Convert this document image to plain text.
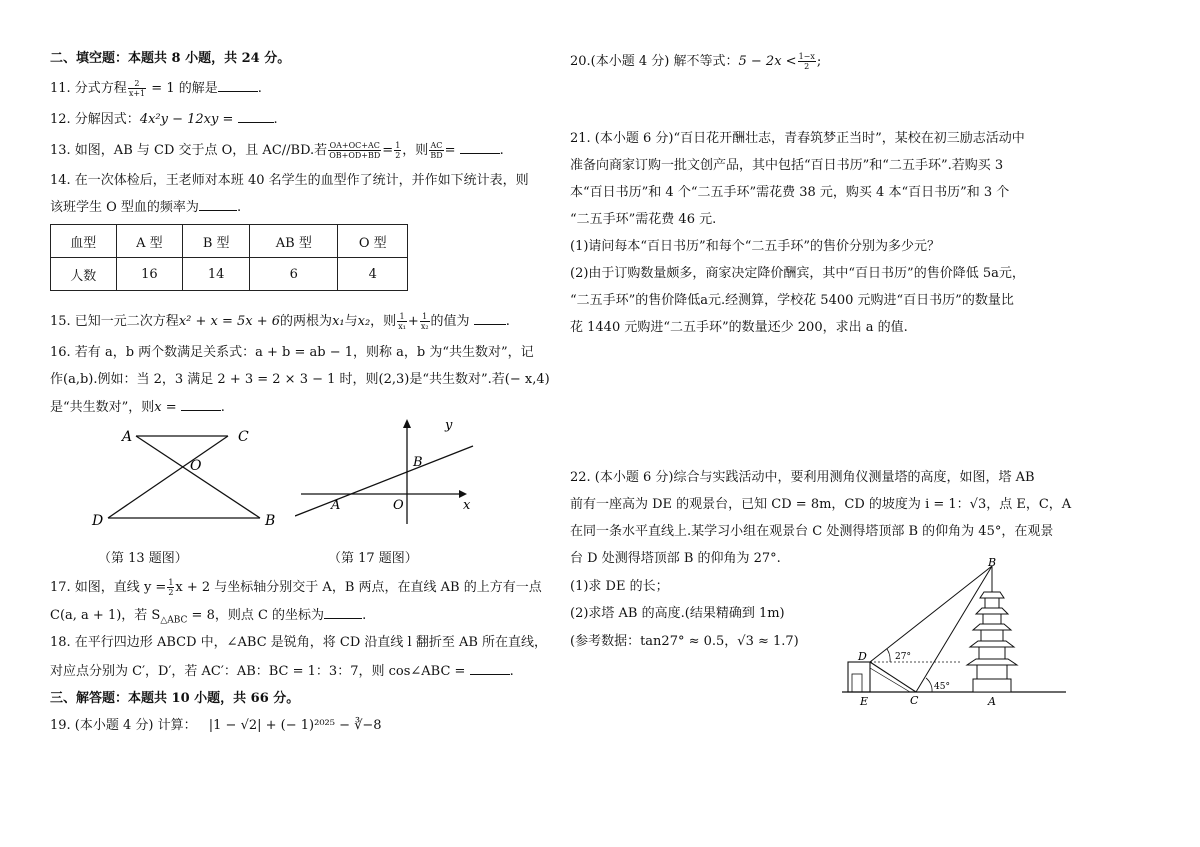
二、填空题：本题共 8 小题，共 24 分。
11. 分式方程 $\frac{2}{x+1} = 1$ 的解是	.
12. 分解因式：4x²y − 12xy =	.
13. 如图，AB 与 CD 交于点 O，且 AC//BD.若 $\frac{OA+OC+AC}{OB+OD+BD} = \frac{1}{2}$ ，则 $\frac{AC}{BD}$ =	.
14. 在一次体检后，王老师对本班 40 名学生的血型作了统计，并作如下统计表，则
该班学生 O 型血的频率为	.
血型	A 型	B 型	AB 型	O 型
人数	16	14	6	4
15. 已知一元二次方程x² + x = 5x + 6的两根为x₁与x₂，则 $\frac{1}{\text{x₁}} + \frac{1}{\text{x₂}}$ 的值为	.
16. 若有 a，b 两个数满足关系式：a + b = ab − 1，则称 a，b 为“共生数对”，记
作(a,b).例如：当 2，3 满足 2 + 3 = 2 × 3 − 1 时，则(2,3)是“共生数对”.若(− x,4)
是“共生数对”，则x =	.
A	C
O
D	B
（第 13 题图）
y
B
A	O	x
（第 17 题图）
17. 如图，直线 $y = \frac{1}{2}$ x + 2 与坐标轴分别交于 A，B 两点，在直线 AB 的上方有一点
C(a, a + 1)，若 $S_{\triangle ABC} = 8$，则点 C 的坐标为	.
18. 在平行四边形 ABCD 中，∠ABC 是锐角，将 CD 沿直线 l 翻折至 AB 所在直线，
对应点分别为 C′，D′，若 AC′：AB：BC = 1：3：7，则 cos∠ABC =	.
三、解答题：本题共 10 小题，共 66 分。
19. (本小题 4 分) 计算： |1 − √2| + (− 1)²⁰²⁵ − ∛−8
20.(本小题 4 分) 解不等式：$5 - 2x < \frac{1-x}{2}$ ;
21. (本小题 6 分)“百日花开酬壮志，青春筑梦正当时”，某校在初三励志活动中
准备向商家订购一批文创产品，其中包括“百日书历”和“二五手环”.若购买 3
本“百日书历”和 4 个“二五手环”需花费 38 元，购买 4 本“百日书历”和 3 个
“二五手环”需花费 46 元.
(1)请问每本“百日书历”和每个“二五手环”的售价分别为多少元？
(2)由于订购数量颇多，商家决定降价酬宾，其中“百日书历”的售价降低 5a元，
“二五手环”的售价降低a元.经测算，学校花 5400 元购进“百日书历”的数量比
花 1440 元购进“二五手环”的数量还少 200，求出 a 的值.
22. (本小题 6 分)综合与实践活动中，要利用测角仪测量塔的高度，如图，塔 AB
前有一座高为 DE 的观景台，已知 CD = 8m，CD 的坡度为 i = 1：√3，点 E，C，A
在同一条水平直线上.某学习小组在观景台 C 处测得塔顶部 B 的仰角为 45°，在观景
台 D 处测得塔顶部 B 的仰角为 27°.
(1)求 DE 的长；
(2)求塔 AB 的高度.(结果精确到 1m)
(参考数据：tan27° ≈ 0.5，√3 ≈ 1.7)
27°
45°
B
D
E	C	A
